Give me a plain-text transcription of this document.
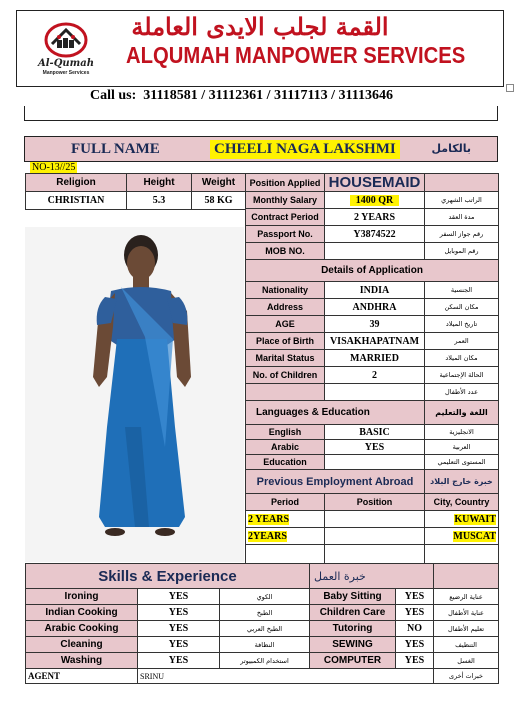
Al-Qumah
Manpower Services
القمة لجلب الايدى العاملة
ALQUMAH MANPOWER SERVICES
Call us: 31118581 / 31112361 / 31117113 / 31113646
FULL NAME	CHEELI NAGA LAKSHMI	بالكامل
NO-13//25
Religion	Height	Weight
CHRISTIAN	5.3	58 KG
Position Applied	HOUSEMAID	
Monthly Salary	1400 QR	الراتب الشهري
Contract Period	2 YEARS	مدة العقد
Passport No.	Y3874522	رقم جواز السفر
MOB NO.		رقم الموبايل
Details of Application		
Nationality	INDIA	الجنسية
Address	ANDHRA	مكان السكن
AGE	39	تاريخ الميلاد
Place of Birth	VISAKHAPATNAM	العمر
Marital Status	MARRIED	مكان الميلاد
No. of Children	2	الحالة الإجتماعية
		عدد الأطفال
Languages & Education		اللغة والتعليم
English	BASIC	الانجليزية
Arabic	YES	العربية
Education		المستوى التعليمي
Previous Employment Abroad		خبرة خارج البلاد
Period	Position	City, Country
2 YEARS		KUWAIT
2YEARS		MUSCAT

Skills & Experience			خبرة العمل		
Ironing	YES	الكوي	Baby Sitting	YES	عناية الرضيع
Indian Cooking	YES	الطبخ	Children Care	YES	عناية الأطفال
Arabic Cooking	YES	الطبخ العربي	Tutoring	NO	تعليم الأطفال
Cleaning	YES	النظافة	SEWING	YES	التنظيف
Washing	YES	استخدام الكمبيوتر	COMPUTER	YES	الغسل
AGENT	SRINU				خبرات أخرى
